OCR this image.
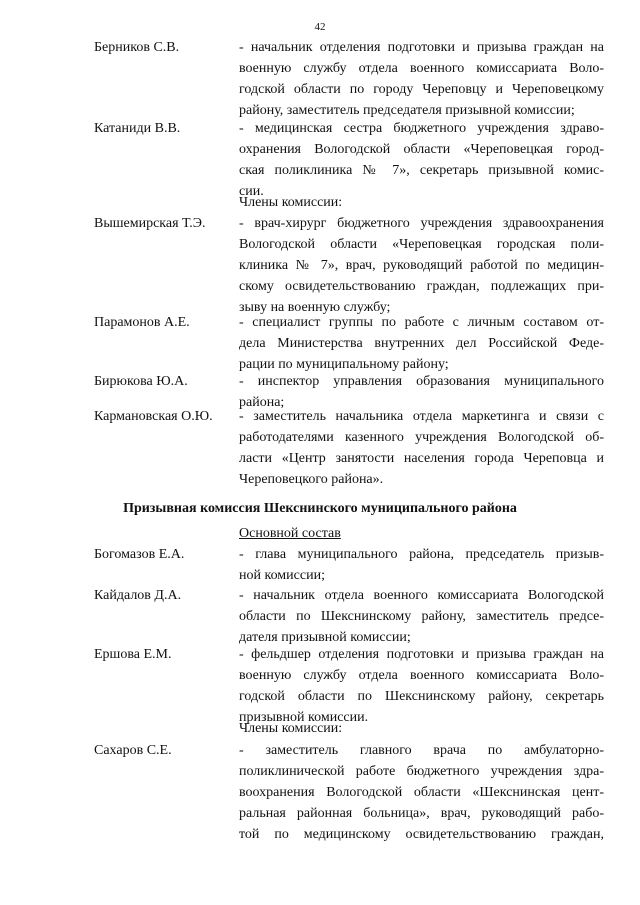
42
Берников С.В.	- начальник отделения подготовки и призыва граждан на
военную службу отдела военного комиссариата Воло-
годской области по городу Череповцу и Череповецкому
району, заместитель председателя призывной комиссии;
Катаниди В.В.	- медицинская сестра бюджетного учреждения здраво-
охранения Вологодской области «Череповецкая город-
ская поликлиника № 7», секретарь призывной комис-
сии.
Члены комиссии:
Вышемирская Т.Э. - врач-хирург бюджетного учреждения здравоохранения
Вологодской области «Череповецкая городская поли-
клиника № 7», врач, руководящий работой по медицин-
скому освидетельствованию граждан, подлежащих при-
зыву на военную службу;
Парамонов А.Е.	- специалист группы по работе с личным составом от-
дела Министерства внутренних дел Российской Феде-
рации по муниципальному району;
Бирюкова Ю.А.	- инспектор управления образования муниципального
района;
Кармановская О.Ю. - заместитель начальника отдела маркетинга и связи с
работодателями казенного учреждения Вологодской об-
ласти «Центр занятости населения города Череповца и
Череповецкого района».
Призывная комиссия Шекснинского муниципального района
Основной состав
Богомазов Е.А.	- глава муниципального района, председатель призыв-
ной комиссии;
Кайдалов Д.А.	- начальник отдела военного комиссариата Вологодской
области по Шекснинскому району, заместитель предсе-
дателя призывной комиссии;
Ершова Е.М.	- фельдшер отделения подготовки и призыва граждан на
военную службу отдела военного комиссариата Воло-
годской области по Шекснинскому району, секретарь
призывной комиссии.
Члены комиссии:
Сахаров С.Е.	- заместитель главного врача по амбулаторно-
поликлинической работе бюджетного учреждения здра-
воохранения Вологодской области «Шекснинская цент-
ральная районная больница», врач, руководящий рабо-
той по медицинскому освидетельствованию граждан,
